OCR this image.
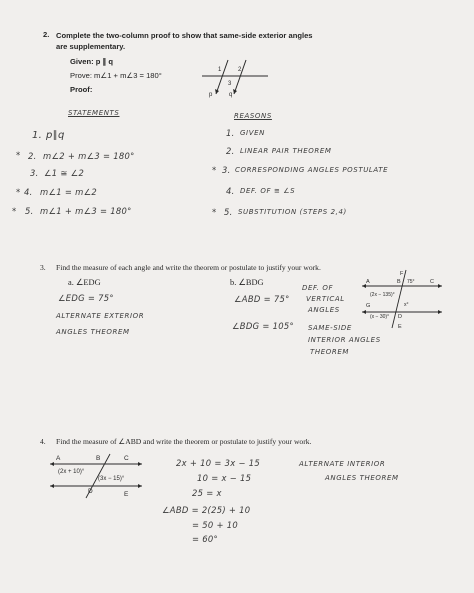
2. Complete the two-column proof to show that same-side exterior angles
are supplementary.
Given: p ∥ q
Prove: m∠1 + m∠3 = 180°
Proof:
1	2
3
p	q
STATEMENTS	REASONS
1. p∥q	1. GIVEN
* 2. m∠2 + m∠3 = 180°	2. LINEAR PAIR THEOREM
3. ∠1 ≅ ∠2	* 3. CORRESPONDING ANGLES POSTULATE
* 4. m∠1 = m∠2	4. DEF. OF ≅ ∠S
* 5. m∠1 + m∠3 = 180°	* 5. SUBSTITUTION (STEPS 2,4)
3. Find the measure of each angle and write the theorem or postulate to justify your work.
a. ∠EDG
∠EDG = 75°
ALTERNATE EXTERIOR
ANGLES THEOREM
b. ∠BDG
DEF. OF
VERTICAL
ANGLES
∠ABD = 75°
∠BDG = 105° SAME-SIDE
INTERIOR ANGLES
THEOREM
F
A	B 75°	C
(2x − 135)°
G	x°
(x − 30)° D
E
4. Find the measure of ∠ABD and write the theorem or postulate to justify your work.
A	B	C
(2x + 10)°
(3x − 15)°
D	E
2x + 10 = 3x − 15
10 = x − 15
25 = x
∠ABD = 2(25) + 10
= 50 + 10
= 60°
ALTERNATE INTERIOR
ANGLES THEOREM
